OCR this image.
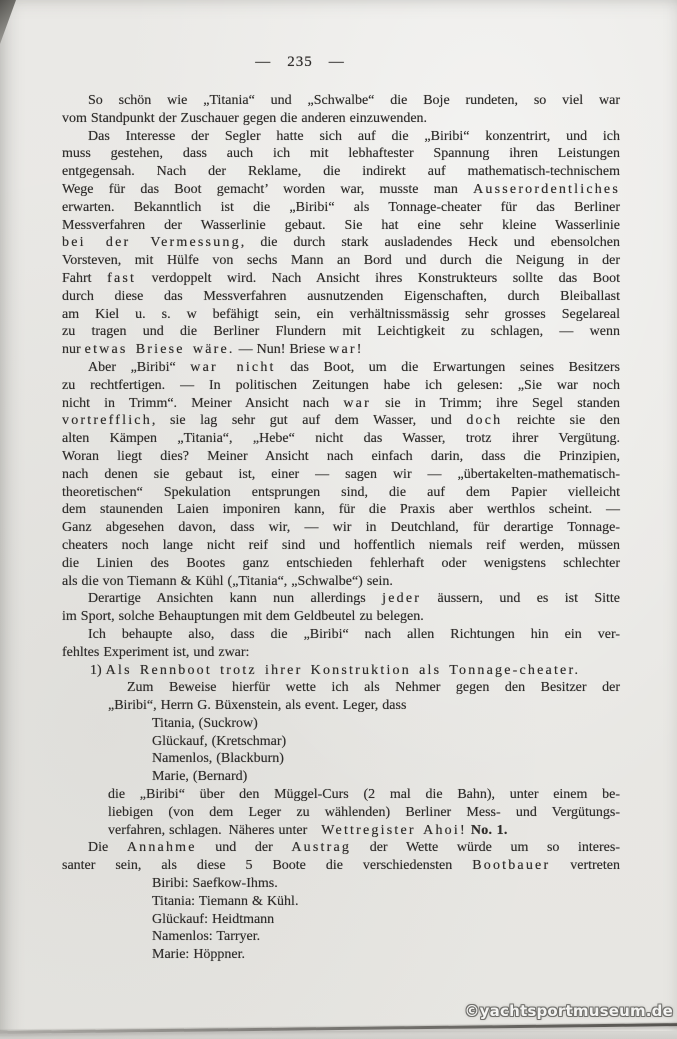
— 235 —
So schön wie „Titania“ und „Schwalbe“ die Boje rundeten, so viel war
vom Standpunkt der Zuschauer gegen die anderen einzuwenden.
Das Interesse der Segler hatte sich auf die „Biribi“ konzentrirt, und ich
muss gestehen, dass auch ich mit lebhaftester Spannung ihren Leistungen
entgegensah. Nach der Reklame, die indirekt auf mathematisch-technischem
Wege für das Boot gemacht’ worden war, musste man Ausserordentliches
erwarten. Bekanntlich ist die „Biribi“ als Tonnage-cheater für das Berliner
Messverfahren der Wasserlinie gebaut. Sie hat eine sehr kleine Wasserlinie
bei der Vermessung, die durch stark ausladendes Heck und ebensolchen
Vorsteven, mit Hülfe von sechs Mann an Bord und durch die Neigung in der
Fahrt fast verdoppelt wird. Nach Ansicht ihres Konstrukteurs sollte das Boot
durch diese das Messverfahren ausnutzenden Eigenschaften, durch Bleiballast
am Kiel u. s. w befähigt sein, ein verhältnissmässig sehr grosses Segelareal
zu tragen und die Berliner Flundern mit Leichtigkeit zu schlagen, — wenn
nur etwas Briese wäre. — Nun! Briese war!
Aber „Biribi“ war nicht das Boot, um die Erwartungen seines Besitzers
zu rechtfertigen. — In politischen Zeitungen habe ich gelesen: „Sie war noch
nicht in Trimm“. Meiner Ansicht nach war sie in Trimm; ihre Segel standen
vortrefflich, sie lag sehr gut auf dem Wasser, und doch reichte sie den
alten Kämpen „Titania“, „Hebe“ nicht das Wasser, trotz ihrer Vergütung.
Woran liegt dies? Meiner Ansicht nach einfach darin, dass die Prinzipien,
nach denen sie gebaut ist, einer — sagen wir — „übertakelten-mathematisch-
theoretischen“ Spekulation entsprungen sind, die auf dem Papier vielleicht
dem staunenden Laien imponiren kann, für die Praxis aber werthlos scheint. —
Ganz abgesehen davon, dass wir, — wir in Deutchland, für derartige Tonnage-
cheaters noch lange nicht reif sind und hoffentlich niemals reif werden, müssen
die Linien des Bootes ganz entschieden fehlerhaft oder wenigstens schlechter
als die von Tiemann & Kühl („Titania“, „Schwalbe“) sein.
Derartige Ansichten kann nun allerdings jeder äussern, und es ist Sitte
im Sport, solche Behauptungen mit dem Geldbeutel zu belegen.
Ich behaupte also, dass die „Biribi“ nach allen Richtungen hin ein ver-
fehltes Experiment ist, und zwar:
1) Als Rennboot trotz ihrer Konstruktion als Tonnage-cheater.
Zum Beweise hierfür wette ich als Nehmer gegen den Besitzer der
„Biribi“, Herrn G. Büxenstein, als event. Leger, dass
Titania, (Suckrow)
Glückauf, (Kretschmar)
Namenlos, (Blackburn)
Marie, (Bernard)
die „Biribi“ über den Müggel-Curs (2 mal die Bahn), unter einem be-
liebigen (von dem Leger zu wählenden) Berliner Mess- und Vergütungs-
verfahren, schlagen. Näheres unter  Wettregister Ahoi! No. 1.
Die Annahme und der Austrag der Wette würde um so interes-
santer sein, als diese 5 Boote die verschiedensten Bootbauer vertreten
Biribi: Saefkow-Ihms.
Titania: Tiemann & Kühl.
Glückauf: Heidtmann
Namenlos: Tarryer.
Marie: Höppner.
©yachtsportmuseum.de
